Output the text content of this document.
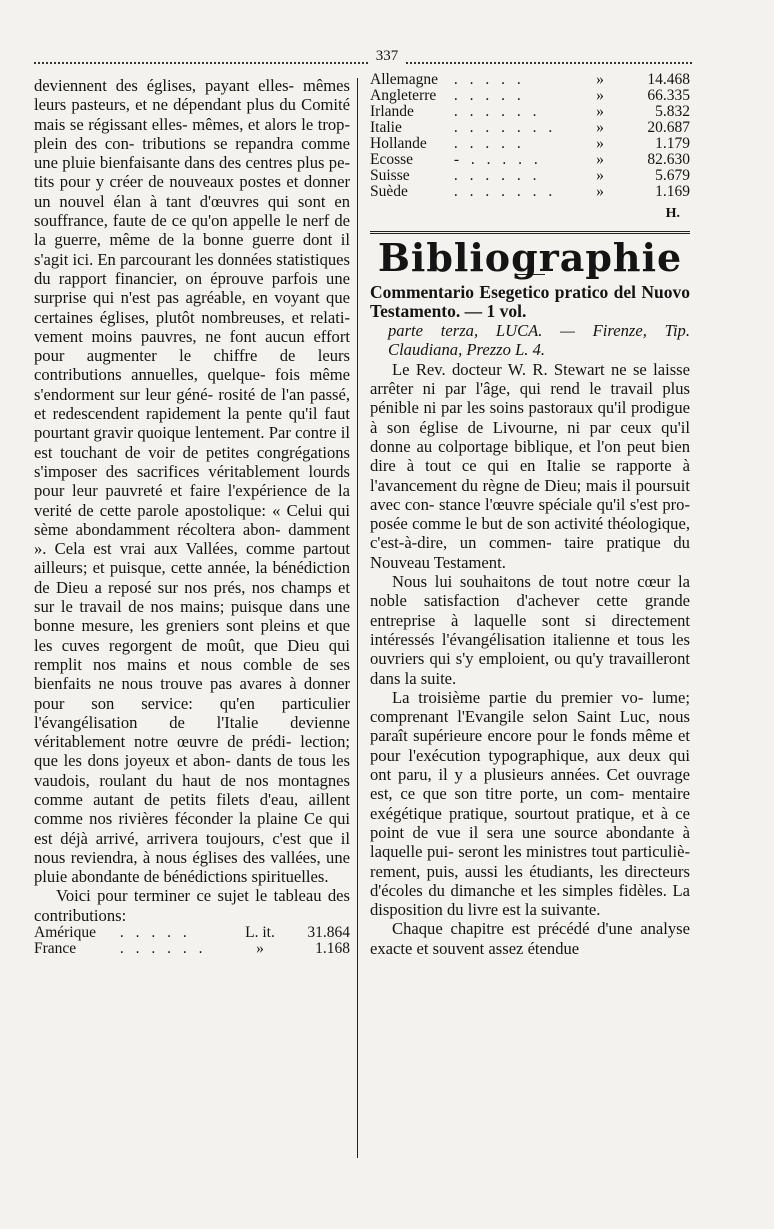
337

deviennent des églises, payant elles- mêmes leurs pasteurs, et ne dépendant plus du Comité mais se régissant elles- mêmes, et alors le trop-plein des con- tributions se repandra comme une pluie bienfaisante dans des centres plus pe- tits pour y créer de nouveaux postes et donner un nouvel élan à tant d'œuvres qui sont en souffrance, faute de ce qu'on appelle le nerf de la guerre, même de la bonne guerre dont il s'agit ici. En parcourant les données statistiques du rapport financier, on éprouve parfois une surprise qui n'est pas agréable, en voyant que certaines églises, plutôt nombreuses, et relati- vement moins pauvres, ne font aucun effort pour augmenter le chiffre de leurs contributions annuelles, quelque- fois même s'endorment sur leur géné- rosité de l'an passé, et redescendent rapidement la pente qu'il faut pourtant gravir quoique lentement. Par contre il est touchant de voir de petites congrégations s'imposer des sacrifices véritablement lourds pour leur pauvreté et faire l'expérience de la verité de cette parole apostolique: « Celui qui sème abondamment récoltera abon- damment ». Cela est vrai aux Vallées, comme partout ailleurs; et puisque, cette année, la bénédiction de Dieu a reposé sur nos prés, nos champs et sur le travail de nos mains; puisque dans une bonne mesure, les greniers sont pleins et que les cuves regorgent de moût, que Dieu qui remplit nos mains et nous comble de ses bienfaits ne nous trouve pas avares à donner pour son service: qu'en particulier l'évangélisation de l'Italie devienne véritablement notre œuvre de prédi- lection; que les dons joyeux et abon- dants de tous les vaudois, roulant du haut de nos montagnes comme autant de petits filets d'eau, aillent comme nos rivières féconder la plaine Ce qui est déjà arrivé, arrivera toujours, c'est que il nous reviendra, à nous églises des vallées, une pluie abondante de bénédictions spirituelles.

Voici pour terminer ce sujet le tableau des contributions:

Amérique	. . . . .	L. it.	31.864
France	. . . . . .	»	1.168
Allemagne	. . . . .	»	14.468
Angleterre	. . . . .	»	66.335
Irlande	. . . . . .	»	5.832
Italie	. . . . . . .	»	20.687
Hollande	. . . . .	»	1.179
Ecosse	- . . . . .	»	82.630
Suisse	. . . . . .	»	5.679
Suède	. . . . . . .	»	1.169
H.
Bibliographie

Commentario Esegetico pratico del Nuovo Testamento. — 1 vol.

parte terza, LUCA. — Firenze, Tip. Claudiana, Prezzo L. 4.

Le Rev. docteur W. R. Stewart ne se laisse arrêter ni par l'âge, qui rend le travail plus pénible ni par les soins pastoraux qu'il prodigue à son église de Livourne, ni par ceux qu'il donne au colportage biblique, et l'on peut bien dire à tout ce qui en Italie se rapporte à l'avancement du règne de Dieu; mais il poursuit avec con- stance l'œuvre spéciale qu'il s'est pro- posée comme le but de son activité théologique, c'est-à-dire, un commen- taire pratique du Nouveau Testament.

Nous lui souhaitons de tout notre cœur la noble satisfaction d'achever cette grande entreprise à laquelle sont si directement intéressés l'évangélisation italienne et tous les ouvriers qui s'y emploient, ou qu'y travailleront dans la suite.

La troisième partie du premier vo- lume; comprenant l'Evangile selon Saint Luc, nous paraît supérieure encore pour le fonds même et pour l'exécution typographique, aux deux qui ont paru, il y a plusieurs années. Cet ouvrage est, ce que son titre porte, un com- mentaire exégétique pratique, sourtout pratique, et à ce point de vue il sera une source abondante à laquelle pui- seront les ministres tout particuliè- rement, puis, aussi les étudiants, les directeurs d'écoles du dimanche et les simples fidèles. La disposition du livre est la suivante.

Chaque chapitre est précédé d'une analyse exacte et souvent assez étendue
